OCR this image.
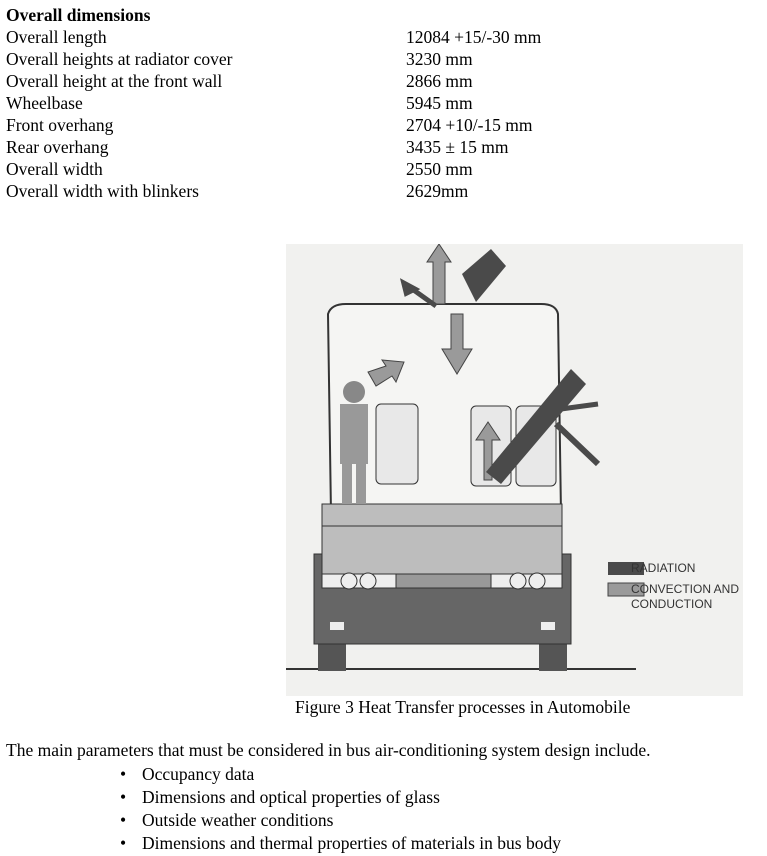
Overall dimensions
Overall length	12084 +15/-30 mm
Overall heights at radiator cover	3230 mm
Overall height at the front wall	2866 mm
Wheelbase	5945 mm
Front overhang	2704 +10/-15 mm
Rear overhang	3435 ± 15 mm
Overall width	2550 mm
Overall width with blinkers	2629mm
RADIATION
CONVECTION AND
CONDUCTION
Figure 3 Heat Transfer processes in Automobile
The main parameters that must be considered in bus air-conditioning system design include.
• Occupancy data
• Dimensions and optical properties of glass
• Outside weather conditions
• Dimensions and thermal properties of materials in bus body
